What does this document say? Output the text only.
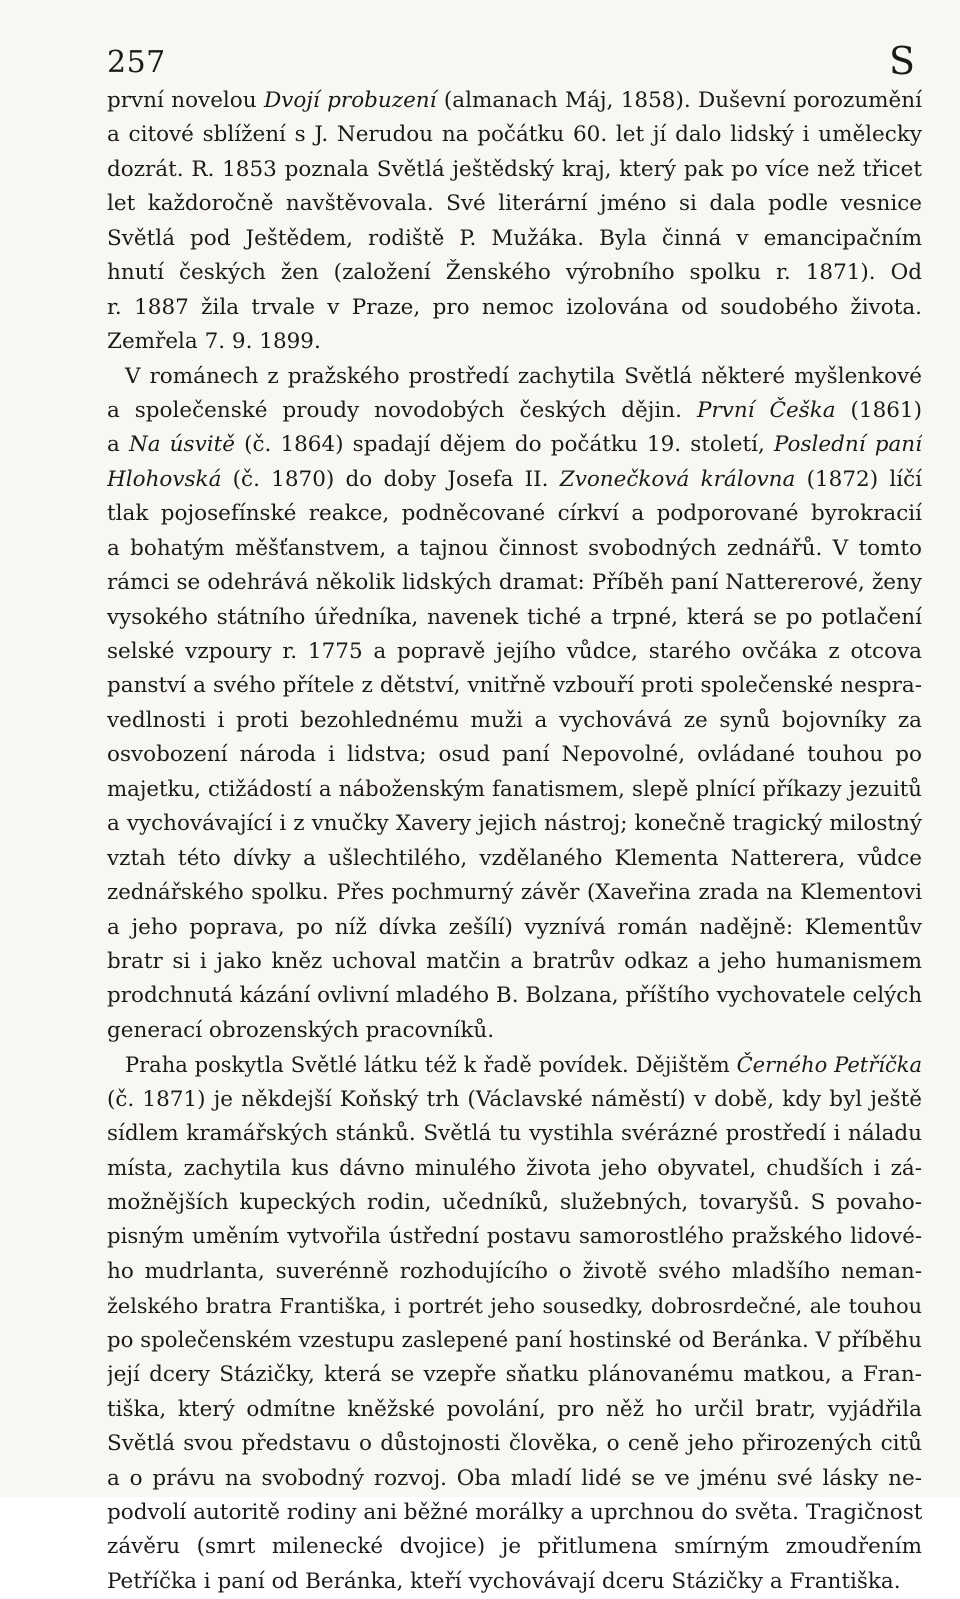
257	S
první novelou Dvojí probuzení (almanach Máj, 1858). Duševní porozumění
a citové sblížení s J. Nerudou na počátku 60. let jí dalo lidský i umělecky
dozrát. R. 1853 poznala Světlá ještědský kraj, který pak po více než třicet
let každoročně navštěvovala. Své literární jméno si dala podle vesnice
Světlá pod Ještědem, rodiště P. Mužáka. Byla činná v emancipačním
hnutí českých žen (založení Ženského výrobního spolku r. 1871). Od
r. 1887 žila trvale v Praze, pro nemoc izolována od soudobého života.
Zemřela 7. 9. 1899.
V románech z pražského prostředí zachytila Světlá některé myšlenkové
a společenské proudy novodobých českých dějin. První Češka (1861)
a Na úsvitě (č. 1864) spadají dějem do počátku 19. století, Poslední paní
Hlohovská (č. 1870) do doby Josefa II. Zvonečková královna (1872) líčí
tlak pojosefínské reakce, podněcované církví a podporované byrokracií
a bohatým měšťanstvem, a tajnou činnost svobodných zednářů. V tomto
rámci se odehrává několik lidských dramat: Příběh paní Nattererové, ženy
vysokého státního úředníka, navenek tiché a trpné, která se po potlačení
selské vzpoury r. 1775 a popravě jejího vůdce, starého ovčáka z otcova
panství a svého přítele z dětství, vnitřně vzbouří proti společenské nespra-
vedlnosti i proti bezohlednému muži a vychovává ze synů bojovníky za
osvobození národa i lidstva; osud paní Nepovolné, ovládané touhou po
majetku, ctižádostí a náboženským fanatismem, slepě plnící příkazy jezuitů
a vychovávající i z vnučky Xavery jejich nástroj; konečně tragický milostný
vztah této dívky a ušlechtilého, vzdělaného Klementa Natterera, vůdce
zednářského spolku. Přes pochmurný závěr (Xaveřina zrada na Klementovi
a jeho poprava, po níž dívka zešílí) vyznívá román nadějně: Klementův
bratr si i jako kněz uchoval matčin a bratrův odkaz a jeho humanismem
prodchnutá kázání ovlivní mladého B. Bolzana, příštího vychovatele celých
generací obrozenských pracovníků.
Praha poskytla Světlé látku též k řadě povídek. Dějištěm Černého Petříčka
(č. 1871) je někdejší Koňský trh (Václavské náměstí) v době, kdy byl ještě
sídlem kramářských stánků. Světlá tu vystihla svérázné prostředí i náladu
místa, zachytila kus dávno minulého života jeho obyvatel, chudších i zá-
možnějších kupeckých rodin, učedníků, služebných, tovaryšů. S povaho-
pisným uměním vytvořila ústřední postavu samorostlého pražského lidové-
ho mudrlanta, suverénně rozhodujícího o životě svého mladšího neman-
želského bratra Františka, i portrét jeho sousedky, dobrosrdečné, ale touhou
po společenském vzestupu zaslepené paní hostinské od Beránka. V příběhu
její dcery Stázičky, která se vzepře sňatku plánovanému matkou, a Fran-
tiška, který odmítne kněžské povolání, pro něž ho určil bratr, vyjádřila
Světlá svou představu o důstojnosti člověka, o ceně jeho přirozených citů
a o právu na svobodný rozvoj. Oba mladí lidé se ve jménu své lásky ne-
podvolí autoritě rodiny ani běžné morálky a uprchnou do světa. Tragičnost
závěru (smrt milenecké dvojice) je přitlumena smírným zmoudřením
Petříčka i paní od Beránka, kteří vychovávají dceru Stázičky a Františka.
